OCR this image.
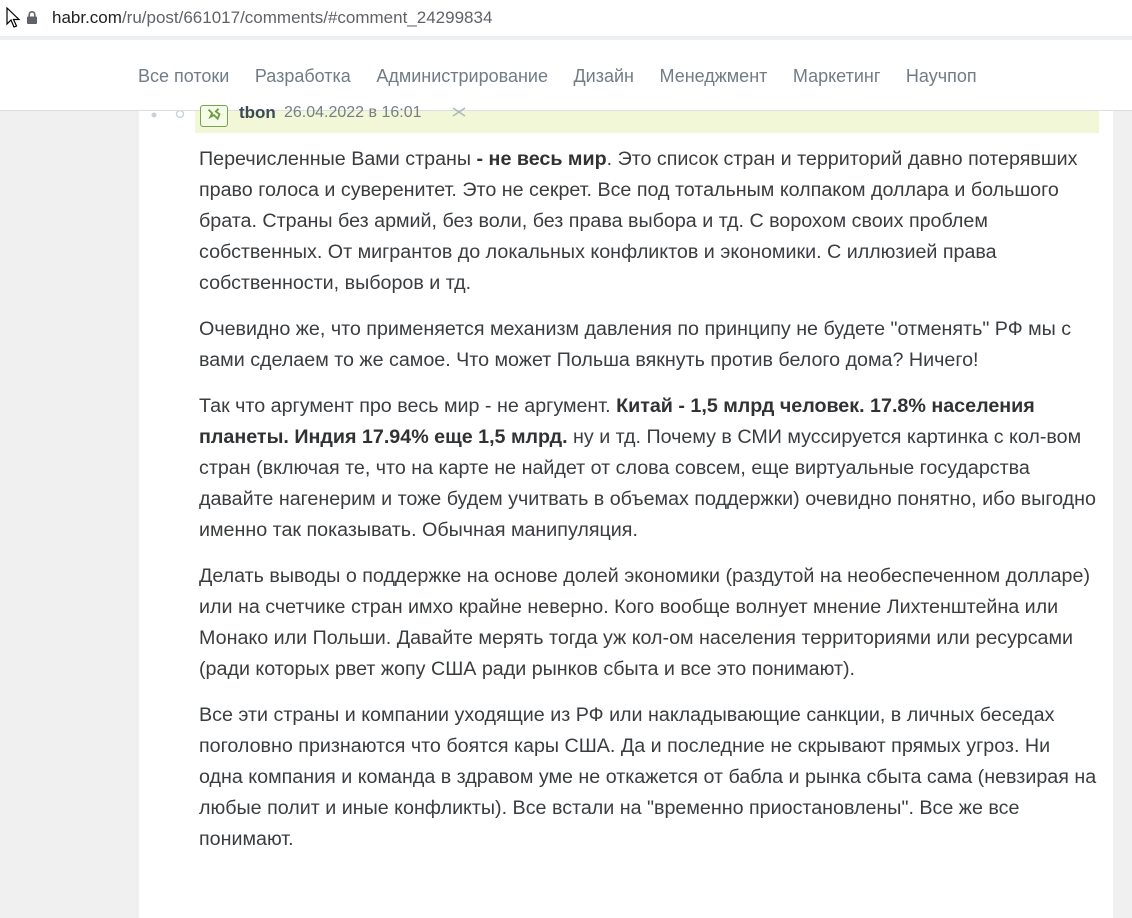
habr.com/ru/post/661017/comments/#comment_24299834
Все потоки Разработка Администрирование Дизайн Менеджмент Маркетинг Научпоп
tbon 26.04.2022 в 16:01

Перечисленные Вами страны - не весь мир. Это список стран и территорий давно потерявших право голоса и суверенитет. Это не секрет. Все под тотальным колпаком доллара и большого брата. Страны без армий, без воли, без права выбора и тд. С ворохом своих проблем собственных. От мигрантов до локальных конфликтов и экономики. С иллюзией права собственности, выборов и тд.

Очевидно же, что применяется механизм давления по принципу не будете "отменять" РФ мы с вами сделаем то же самое. Что может Польша вякнуть против белого дома? Ничего!

Так что аргумент про весь мир - не аргумент. Китай - 1,5 млрд человек. 17.8% населения планеты. Индия 17.94% еще 1,5 млрд. ну и тд. Почему в СМИ муссируется картинка с кол-вом стран (включая те, что на карте не найдет от слова совсем, еще виртуальные государства давайте нагенерим и тоже будем учитвать в объемах поддержки) очевидно понятно, ибо выгодно именно так показывать. Обычная манипуляция.

Делать выводы о поддержке на основе долей экономики (раздутой на необеспеченном долларе) или на счетчике стран имхо крайне неверно. Кого вообще волнует мнение Лихтенштейна или Монако или Польши. Давайте мерять тогда уж кол-ом населения территориями или ресурсами (ради которых рвет жопу США ради рынков сбыта и все это понимают).

Все эти страны и компании уходящие из РФ или накладывающие санкции, в личных беседах поголовно признаются что боятся кары США. Да и последние не скрывают прямых угроз. Ни одна компания и команда в здравом уме не откажется от бабла и рынка сбыта сама (невзирая на любые полит и иные конфликты). Все встали на "временно приостановлены". Все же все понимают.
